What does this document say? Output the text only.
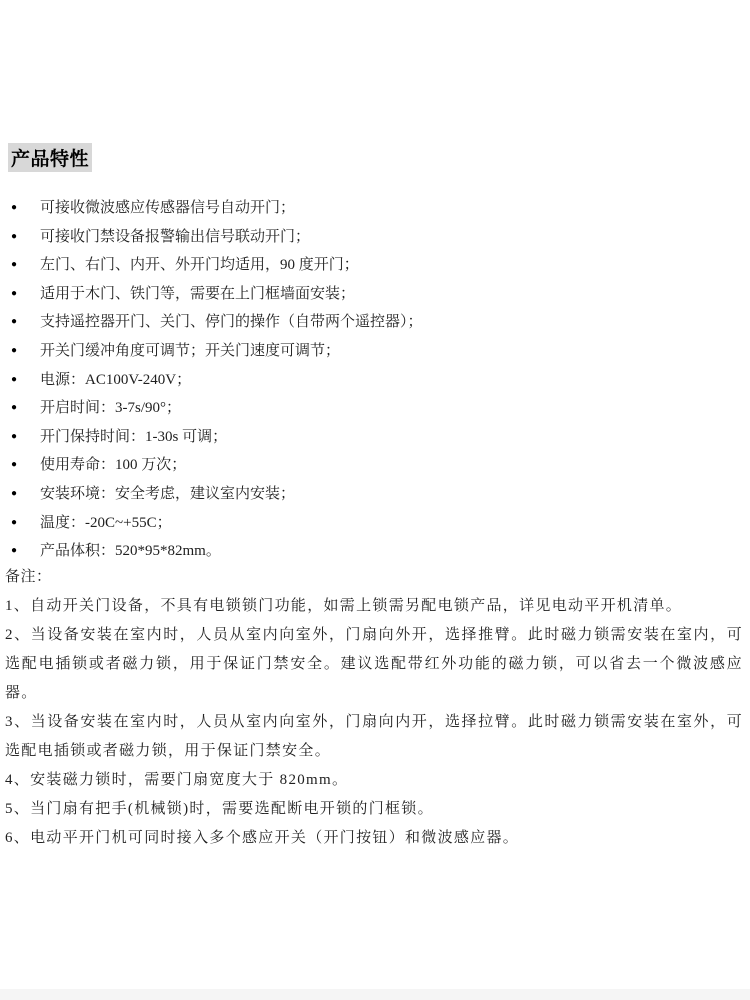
产品特性
● 可接收微波感应传感器信号自动开门；
● 可接收门禁设备报警输出信号联动开门；
● 左门、右门、内开、外开门均适用，90 度开门；
● 适用于木门、铁门等，需要在上门框墙面安装；
● 支持遥控器开门、关门、停门的操作（自带两个遥控器）；
● 开关门缓冲角度可调节；开关门速度可调节；
● 电源：AC100V-240V；
● 开启时间：3-7s/90°；
● 开门保持时间：1-30s 可调；
● 使用寿命：100 万次；
● 安装环境：安全考虑，建议室内安装；
● 温度：-20C~+55C；
● 产品体积：520*95*82mm。

备注：

1、自动开关门设备，不具有电锁锁门功能，如需上锁需另配电锁产品，详见电动平开机清单。

2、当设备安装在室内时，人员从室内向室外，门扇向外开，选择推臂。此时磁力锁需安装在室内，可选配电插锁或者磁力锁，用于保证门禁安全。建议选配带红外功能的磁力锁，可以省去一个微波感应器。

3、当设备安装在室内时，人员从室内向室外，门扇向内开，选择拉臂。此时磁力锁需安装在室外，可选配电插锁或者磁力锁，用于保证门禁安全。

4、安装磁力锁时，需要门扇宽度大于 820mm。

5、当门扇有把手(机械锁)时，需要选配断电开锁的门框锁。

6、电动平开门机可同时接入多个感应开关（开门按钮）和微波感应器。
